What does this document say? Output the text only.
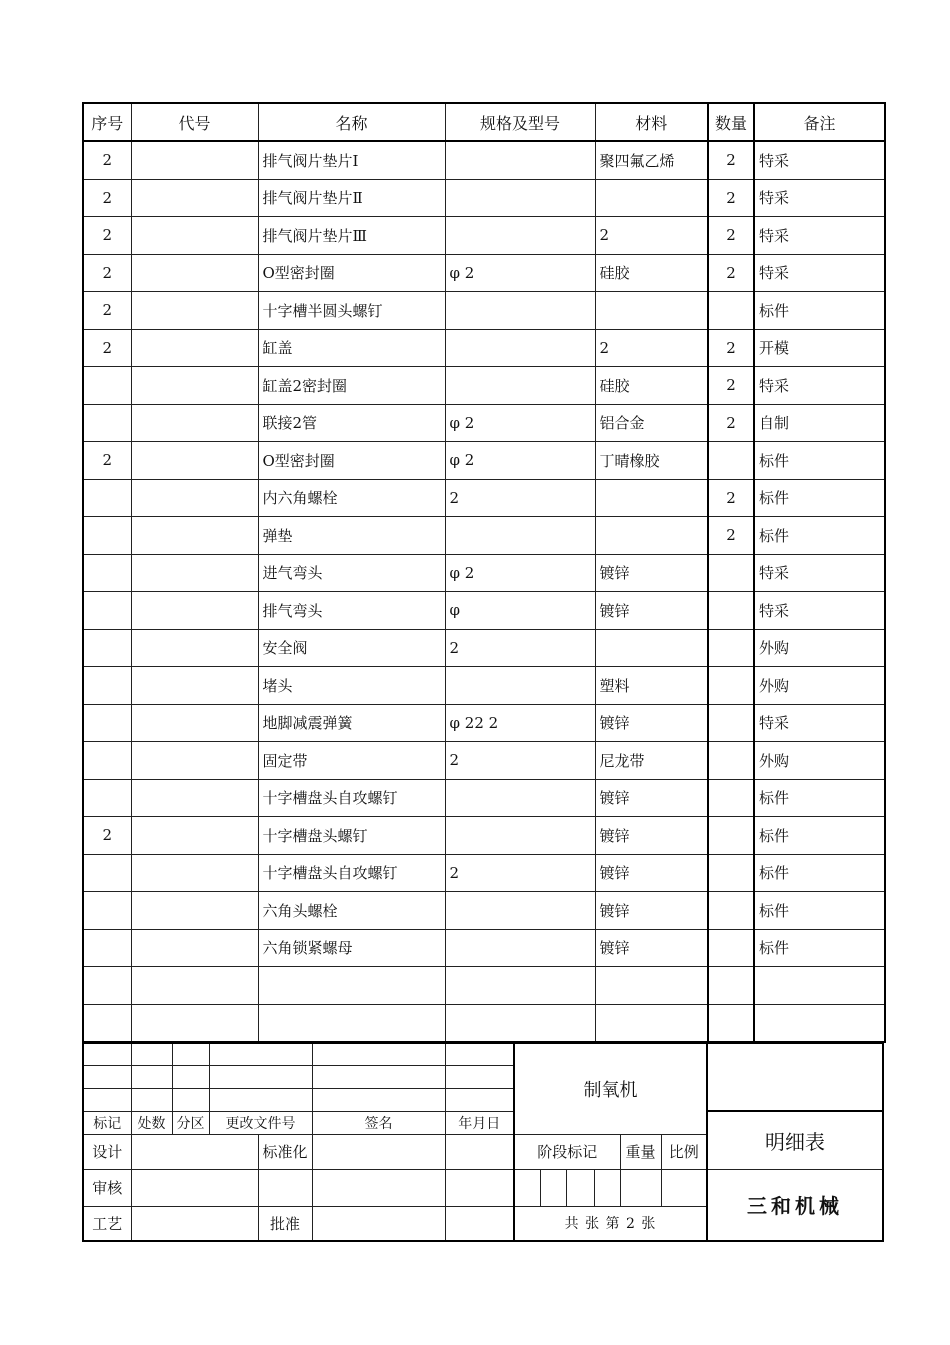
序号	代号	名称	规格及型号	材料	数量	备注
2		排气阀片垫片Ⅰ		聚四氟乙烯	2	特采
2		排气阀片垫片Ⅱ			2	特采
2		排气阀片垫片Ⅲ		2	2	特采
2		O型密封圈	φ 2	硅胶	2	特采
2		十字槽半圆头螺钉				标件
2		缸盖		2	2	开模
		缸盖2密封圈		硅胶	2	特采
		联接2管	φ 2	铝合金	2	自制
2		O型密封圈	φ 2	丁晴橡胶		标件
		内六角螺栓	2		2	标件
		弹垫			2	标件
		进气弯头	φ 2	镀锌		特采
		排气弯头	φ	镀锌		特采
		安全阀	2			外购
		堵头		塑料		外购
		地脚减震弹簧	φ 22 2	镀锌		特采
		固定带	2	尼龙带		外购
		十字槽盘头自攻螺钉		镀锌		标件
2		十字槽盘头螺钉		镀锌		标件
		十字槽盘头自攻螺钉	2	镀锌		标件
		六角头螺栓		镀锌		标件
		六角锁紧螺母		镀锌		标件

							制氧机						

标记	处数	分区	更改文件号		签名	年月日							明细表
设计				标准化			阶段标记				重量	比例	
审核													三和机械
工艺				批准			共 张 第 2 张						
